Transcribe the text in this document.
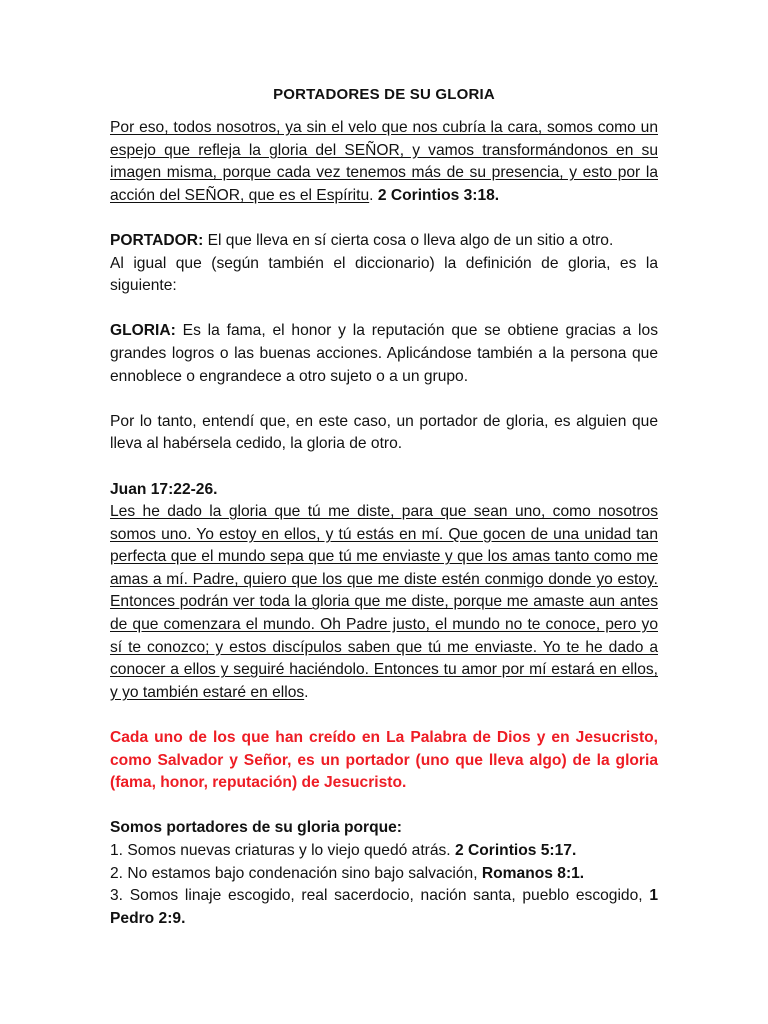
PORTADORES DE SU GLORIA

Por eso, todos nosotros, ya sin el velo que nos cubría la cara, somos como un espejo que refleja la gloria del SEÑOR, y vamos transformándonos en su imagen misma, porque cada vez tenemos más de su presencia, y esto por la acción del SEÑOR, que es el Espíritu. 2 Corintios 3:18.

PORTADOR: El que lleva en sí cierta cosa o lleva algo de un sitio a otro.

Al igual que (según también el diccionario) la definición de gloria, es la siguiente:

GLORIA: Es la fama, el honor y la reputación que se obtiene gracias a los grandes logros o las buenas acciones. Aplicándose también a la persona que ennoblece o engrandece a otro sujeto o a un grupo.

Por lo tanto, entendí que, en este caso, un portador de gloria, es alguien que lleva al habérsela cedido, la gloria de otro.

Juan 17:22-26.

Les he dado la gloria que tú me diste, para que sean uno, como nosotros somos uno. Yo estoy en ellos, y tú estás en mí. Que gocen de una unidad tan perfecta que el mundo sepa que tú me enviaste y que los amas tanto como me amas a mí. Padre, quiero que los que me diste estén conmigo donde yo estoy. Entonces podrán ver toda la gloria que me diste, porque me amaste aun antes de que comenzara el mundo. Oh Padre justo, el mundo no te conoce, pero yo sí te conozco; y estos discípulos saben que tú me enviaste. Yo te he dado a conocer a ellos y seguiré haciéndolo. Entonces tu amor por mí estará en ellos, y yo también estaré en ellos.

Cada uno de los que han creído en La Palabra de Dios y en Jesucristo, como Salvador y Señor, es un portador (uno que lleva algo) de la gloria (fama, honor, reputación) de Jesucristo.

Somos portadores de su gloria porque:

1. Somos nuevas criaturas y lo viejo quedó atrás. 2 Corintios 5:17.

2. No estamos bajo condenación sino bajo salvación, Romanos 8:1.

3. Somos linaje escogido, real sacerdocio, nación santa, pueblo escogido, 1 Pedro 2:9.
